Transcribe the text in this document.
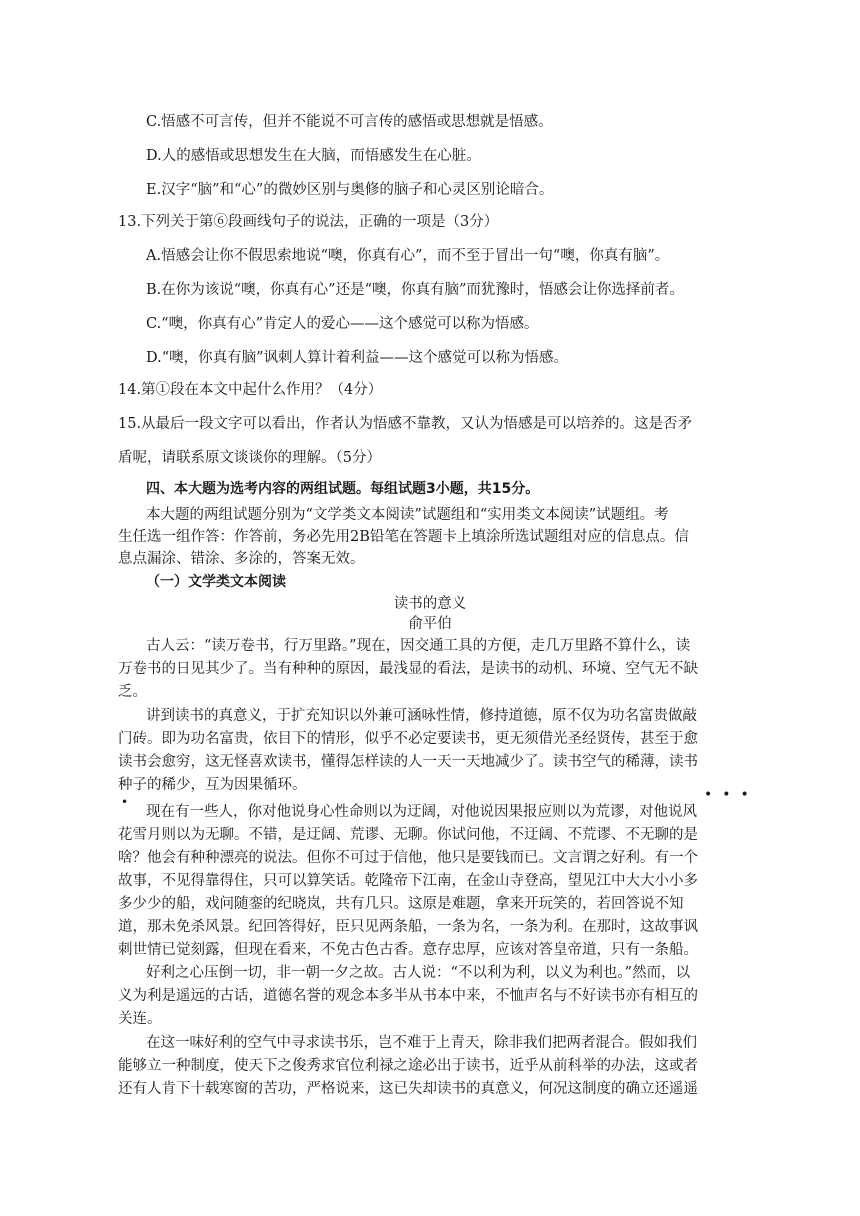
C.悟感不可言传，但并不能说不可言传的感悟或思想就是悟感。
D.人的感悟或思想发生在大脑，而悟感发生在心脏。
E.汉字“脑”和“心”的微妙区别与奥修的脑子和心灵区别论暗合。
13.下列关于第⑥段画线句子的说法，正确的一项是（3分）
A.悟感会让你不假思索地说“噢，你真有心”，而不至于冒出一句“噢，你真有脑”。
B.在你为该说“噢，你真有心”还是“噢，你真有脑”而犹豫时，悟感会让你选择前者。
C.“噢，你真有心”肯定人的爱心——这个感觉可以称为悟感。
D.“噢，你真有脑”讽刺人算计着利益——这个感觉可以称为悟感。
14.第①段在本文中起什么作用？（4分）
15.从最后一段文字可以看出，作者认为悟感不靠教，又认为悟感是可以培养的。这是否矛
盾呢，请联系原文谈谈你的理解。（5分）
四、本大题为选考内容的两组试题。每组试题3小题，共15分。
本大题的两组试题分别为“文学类文本阅读”试题组和“实用类文本阅读”试题组。考
生任选一组作答：作答前，务必先用2B铅笔在答题卡上填涂所选试题组对应的信息点。信
息点漏涂、错涂、多涂的，答案无效。
（一）文学类文本阅读
读书的意义
俞平伯
古人云：“读万卷书，行万里路。”现在，因交通工具的方便，走几万里路不算什么，读
万卷书的日见其少了。当有种种的原因，最浅显的看法，是读书的动机、环境、空气无不缺
乏。
讲到读书的真意义，于扩充知识以外兼可涵咏性情，修持道德，原不仅为功名富贵做敲
门砖。即为功名富贵，依目下的情形，似乎不必定要读书，更无须借光圣经贤传，甚至于愈
读书会愈穷，这无怪喜欢读书，懂得怎样读的人一天一天地减少了。读书空气的稀薄，读书
种子的稀少，互为因果循环。
•••
•
现在有一些人，你对他说身心性命则以为迂阔，对他说因果报应则以为荒谬，对他说风
花雪月则以为无聊。不错，是迂阔、荒谬、无聊。你试问他，不迂阔、不荒谬、不无聊的是
啥？他会有种种漂亮的说法。但你不可过于信他，他只是要钱而已。文言谓之好利。有一个
故事，不见得靠得住，只可以算笑话。乾隆帝下江南，在金山寺登高，望见江中大大小小多
多少少的船，戏问随銮的纪晓岚，共有几只。这原是难题，拿来开玩笑的，若回答说不知
道，那未免杀风景。纪回答得好，臣只见两条船，一条为名，一条为利。在那时，这故事讽
刺世情已觉刻露，但现在看来，不免古色古香。意存忠厚，应该对答皇帝道，只有一条船。
好利之心压倒一切，非一朝一夕之故。古人说：“不以利为利，以义为利也。”然而，以
义为利是遥远的古话，道德名誉的观念本多半从书本中来，不恤声名与不好读书亦有相互的
关连。
在这一味好利的空气中寻求读书乐，岂不难于上青天，除非我们把两者混合。假如我们
能够立一种制度，使天下之俊秀求官位利禄之途必出于读书，近乎从前科举的办法，这或者
还有人肯下十载寒窗的苦功，严格说来，这已失却读书的真意义，何况这制度的确立还遥遥
